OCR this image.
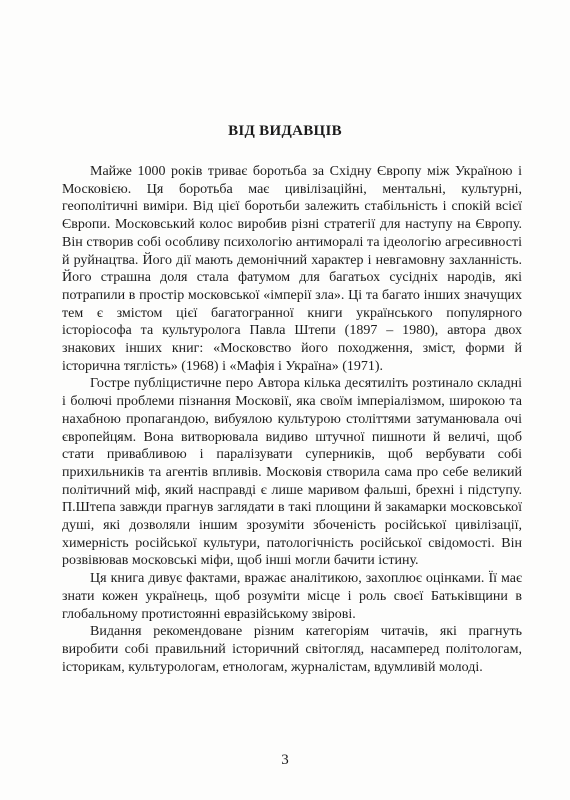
ВІД ВИДАВЦІВ

Майже 1000 років триває боротьба за Східну Європу між Україною і Московією. Ця боротьба має цивілізаційні, ментальні, культурні, геополітичні виміри. Від цієї боротьби залежить стабільність і спокій всієї Європи. Московський колос виробив різні стратегії для наступу на Європу. Він створив собі особливу психологію антиморалі та ідеологію агресивності й руйнацтва. Його дії мають демонічний характер і невгамовну захланність. Його страшна доля стала фатумом для багатьох сусідніх народів, які потрапили в простір московської «імперії зла». Ці та багато інших значущих тем є змістом цієї багатогранної книги українського популярного історіософа та культуролога Павла Штепи (1897 – 1980), автора двох знакових інших книг: «Московство його походження, зміст, форми й історична тяглість» (1968) і «Мафія і Україна» (1971).

Гостре публіцистичне перо Автора кілька десятиліть розтинало складні і болючі проблеми пізнання Московії, яка своїм імперіалізмом, широкою та нахабною пропагандою, вибуялою культурою століттями затуманювала очі європейцям. Вона витворювала видиво штучної пишноти й величі, щоб стати привабливою і паралізувати суперників, щоб вербувати собі прихильників та агентів впливів. Московія створила сама про себе великий політичний міф, який насправді є лише маривом фальші, брехні і підступу. П.Штепа завжди прагнув заглядати в такі площини й закамарки московської душі, які дозволяли іншим зрозуміти збоченість російської цивілізації, химерність російської культури, патологічність російської свідомості. Він розвівював московські міфи, щоб інші могли бачити істину.

Ця книга дивує фактами, вражає аналітикою, захоплює оцінками. Її має знати кожен українець, щоб розуміти місце і роль своєї Батьківщини в глобальному протистоянні евразійському звірові.

Видання рекомендоване різним категоріям читачів, які прагнуть виробити собі правильний історичний світогляд, насамперед політологам, історикам, культурологам, етнологам, журналістам, вдумливій молоді.

3
